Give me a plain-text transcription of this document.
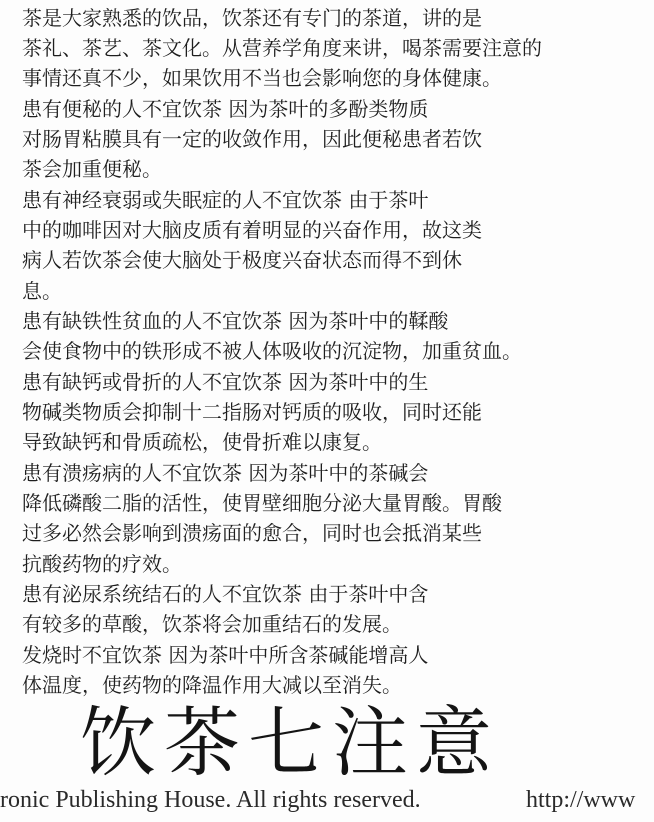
茶是大家熟悉的饮品，饮茶还有专门的茶道，讲的是
茶礼、茶艺、茶文化。从营养学角度来讲，喝茶需要注意的
事情还真不少，如果饮用不当也会影响您的身体健康。
患有便秘的人不宜饮茶 因为茶叶的多酚类物质
对肠胃粘膜具有一定的收敛作用，因此便秘患者若饮
茶会加重便秘。
患有神经衰弱或失眠症的人不宜饮茶 由于茶叶
中的咖啡因对大脑皮质有着明显的兴奋作用，故这类
病人若饮茶会使大脑处于极度兴奋状态而得不到休
息。
患有缺铁性贫血的人不宜饮茶 因为茶叶中的鞣酸
会使食物中的铁形成不被人体吸收的沉淀物，加重贫血。
患有缺钙或骨折的人不宜饮茶 因为茶叶中的生
物碱类物质会抑制十二指肠对钙质的吸收，同时还能
导致缺钙和骨质疏松，使骨折难以康复。
患有溃疡病的人不宜饮茶 因为茶叶中的茶碱会
降低磷酸二脂的活性，使胃壁细胞分泌大量胃酸。胃酸
过多必然会影响到溃疡面的愈合，同时也会抵消某些
抗酸药物的疗效。
患有泌尿系统结石的人不宜饮茶 由于茶叶中含
有较多的草酸，饮茶将会加重结石的发展。
发烧时不宜饮茶 因为茶叶中所含茶碱能增高人
体温度，使药物的降温作用大减以至消失。
饮茶七注意
ronic Publishing House. All rights reserved.	http://www
